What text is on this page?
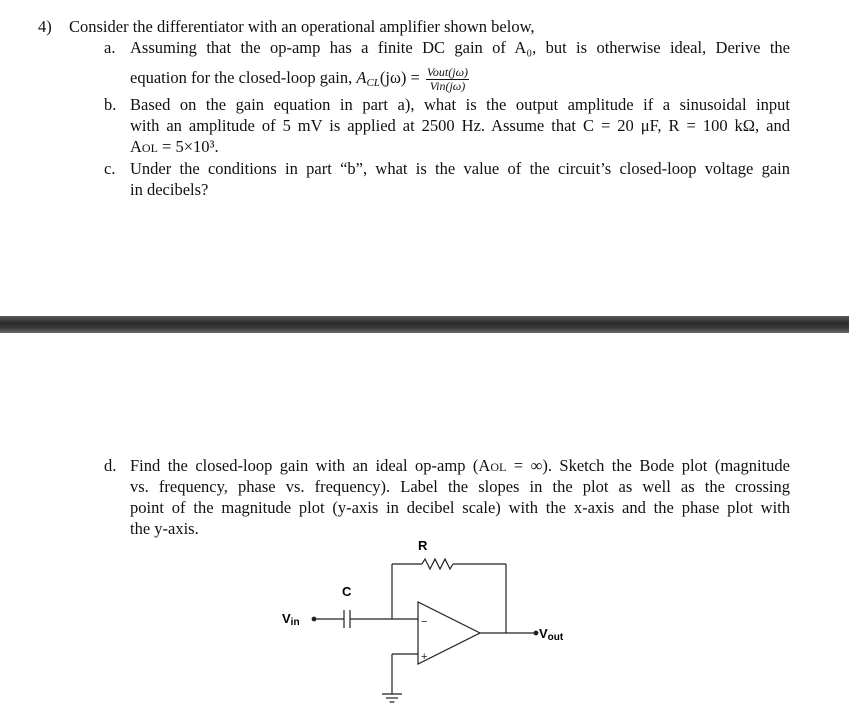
4) Consider the differentiator with an operational amplifier shown below,
a. Assuming that the op-amp has a finite DC gain of A₀, but is otherwise ideal, Derive the
equation for the closed-loop gain, $A_{CL}(j\omega) = \frac{\text{Vout(jω)}}{\text{Vin(jω)}}$
b. Based on the gain equation in part a), what is the output amplitude if a sinusoidal input
with an amplitude of 5 mV is applied at 2500 Hz. Assume that C = 20 μF, R = 100 kΩ, and
AOL = 5×10³.
c. Under the conditions in part “b”, what is the value of the circuit’s closed-loop voltage gain
in decibels?
d. Find the closed-loop gain with an ideal op-amp (AOL = ∞). Sketch the Bode plot (magnitude
vs. frequency, phase vs. frequency). Label the slopes in the plot as well as the crossing
point of the magnitude plot (y-axis in decibel scale) with the x-axis and the phase plot with
the y-axis.
R
C
Vin
Vout
−
+
